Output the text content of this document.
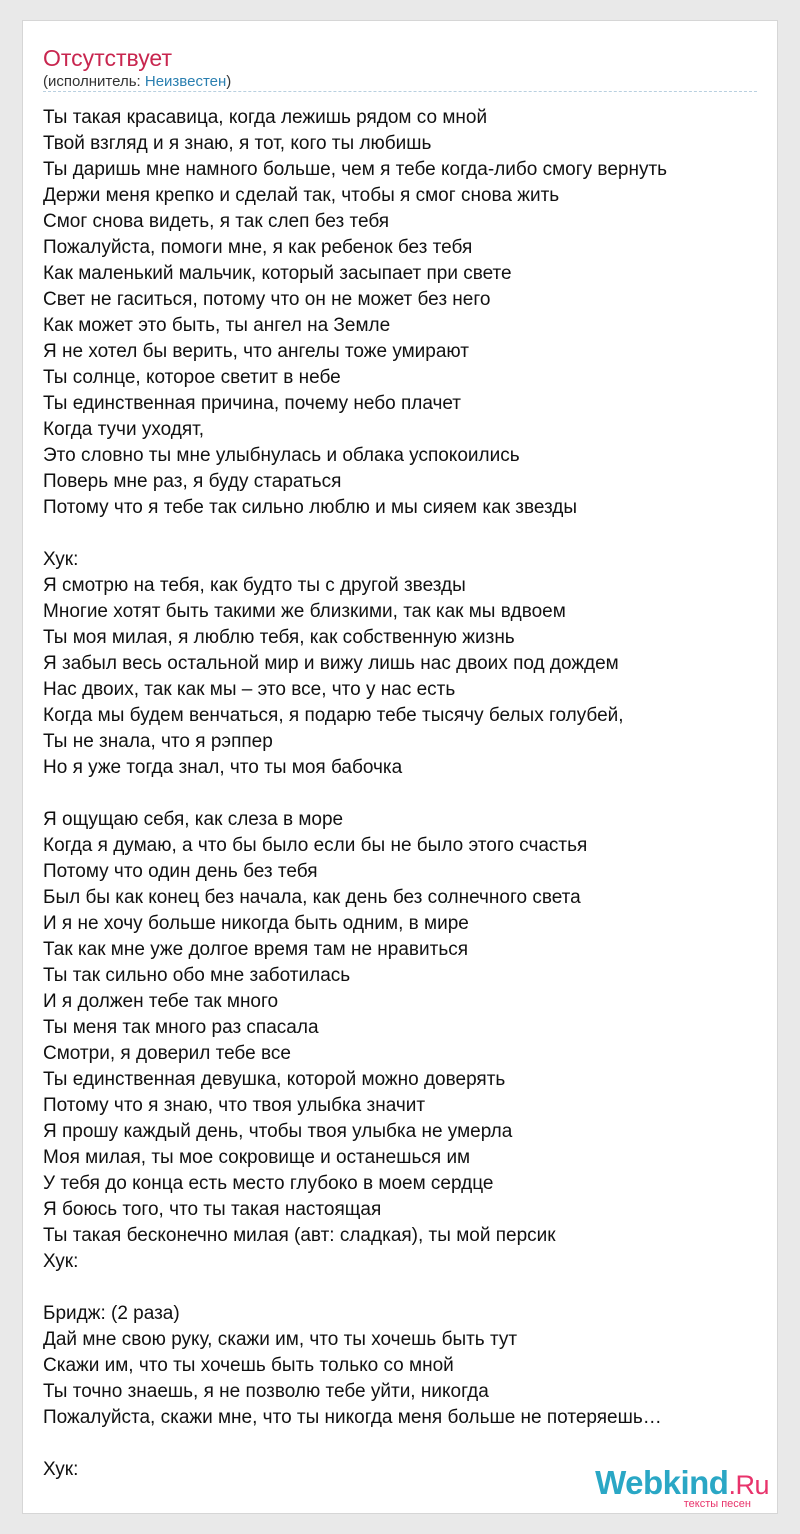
Отсутствует
(исполнитель: Неизвестен)
Ты такая красавица, когда лежишь рядом со мной
Твой взгляд и я знаю, я тот, кого ты любишь
Ты даришь мне намного больше, чем я тебе когда-либо смогу вернуть
Держи меня крепко и сделай так, чтобы я смог снова жить
Смог снова видеть, я так слеп без тебя
Пожалуйста, помоги мне, я как ребенок без тебя
Как маленький мальчик, который засыпает при свете
Свет не гаситься, потому что он не может без него
Как может это быть, ты ангел на Земле
Я не хотел бы верить, что ангелы тоже умирают
Ты солнце, которое светит в небе
Ты единственная причина, почему небо плачет
Когда тучи уходят,
Это словно ты мне улыбнулась и облака успокоились
Поверь мне раз, я буду стараться
Потому что я тебе так сильно люблю и мы сияем как звезды
Хук:
Я смотрю на тебя, как будто ты с другой звезды
Многие хотят быть такими же близкими, так как мы вдвоем
Ты моя милая, я люблю тебя, как собственную жизнь
Я забыл весь остальной мир и вижу лишь нас двоих под дождем
Нас двоих, так как мы – это все, что у нас есть
Когда мы будем венчаться, я подарю тебе тысячу белых голубей,
Ты не знала, что я рэппер
Но я уже тогда знал, что ты моя бабочка
Я ощущаю себя, как слеза в море
Когда я думаю, а что бы было если бы не было этого счастья
Потому что один день без тебя
Был бы как конец без начала, как день без солнечного света
И я не хочу больше никогда быть одним, в мире
Так как мне уже долгое время там не нравиться
Ты так сильно обо мне заботилась
И я должен тебе так много
Ты меня так много раз спасала
Смотри, я доверил тебе все
Ты единственная девушка, которой можно доверять
Потому что я знаю, что твоя улыбка значит
Я прошу каждый день, чтобы твоя улыбка не умерла
Моя милая, ты мое сокровище и останешься им
У тебя до конца есть место глубоко в моем сердце
Я боюсь того, что ты такая настоящая
Ты такая бесконечно милая (авт: сладкая), ты мой персик
Хук:
Бридж: (2 раза)
Дай мне свою руку, скажи им, что ты хочешь быть тут
Скажи им, что ты хочешь быть только со мной
Ты точно знаешь, я не позволю тебе уйти, никогда
Пожалуйста, скажи мне, что ты никогда меня больше не потеряешь…
Хук:	Webkind.Ru
тексты песен
